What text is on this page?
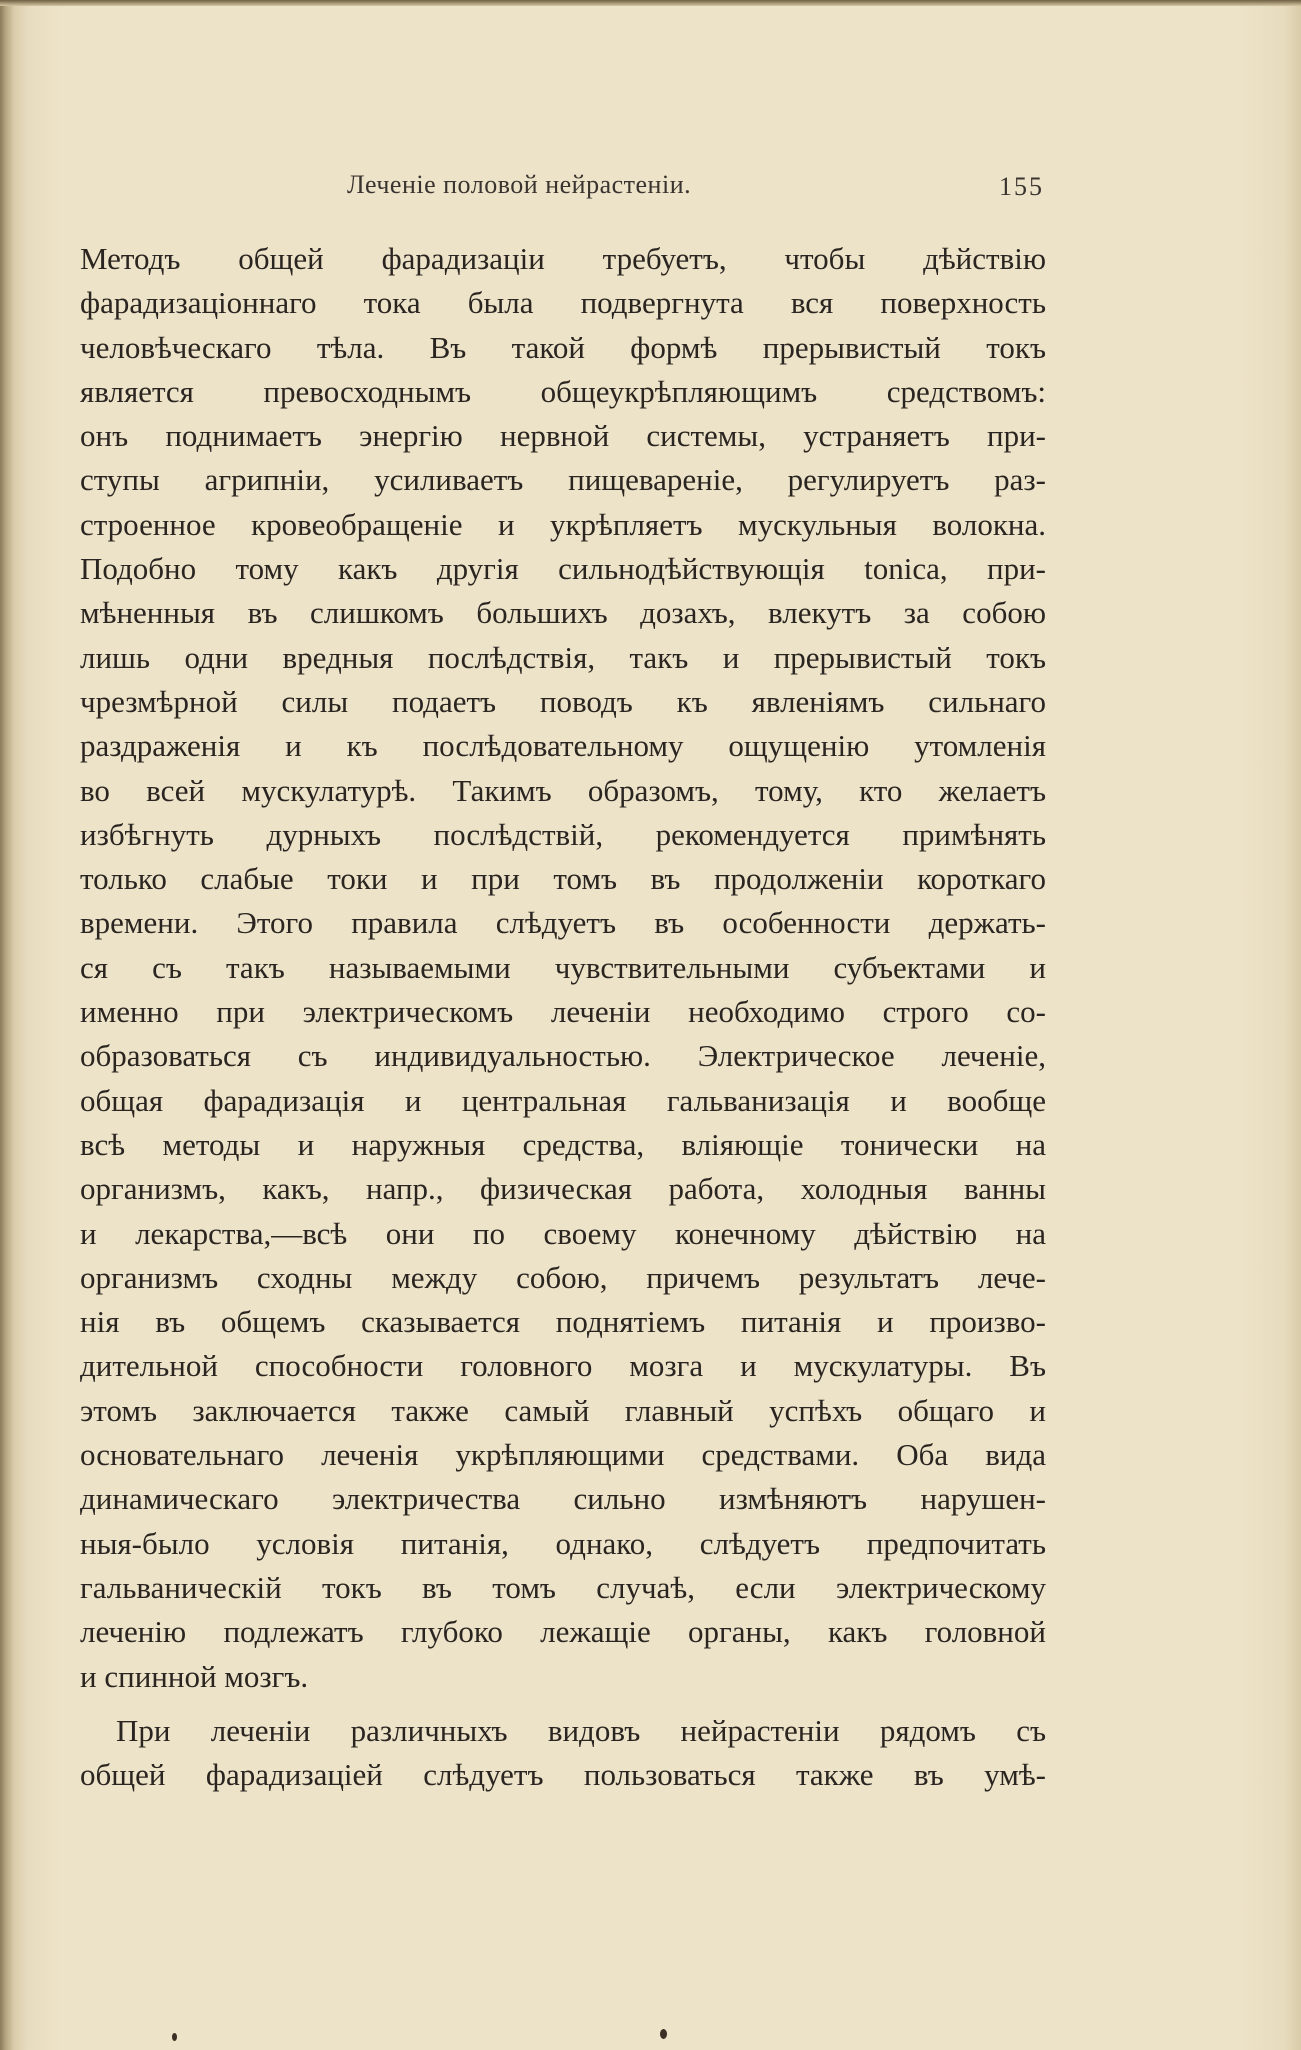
Леченіе половой нейрастеніи.	155
Методъ общей фарадизаціи требуетъ, чтобы дѣйствію
фарадизаціоннаго тока была подвергнута вся поверхность
человѣческаго тѣла. Въ такой формѣ прерывистый токъ
является превосходнымъ общеукрѣпляющимъ средствомъ:
онъ поднимаетъ энергію нервной системы, устраняетъ при-
ступы агрипніи, усиливаетъ пищевареніе, регулируетъ раз-
строенное кровеобращеніе и укрѣпляетъ мускульныя волокна.
Подобно тому какъ другія сильнодѣйствующія tonica, при-
мѣненныя въ слишкомъ большихъ дозахъ, влекутъ за собою
лишь одни вредныя послѣдствія, такъ и прерывистый токъ
чрезмѣрной силы подаетъ поводъ къ явленіямъ сильнаго
раздраженія и къ послѣдовательному ощущенію утомленія
во всей мускулатурѣ. Такимъ образомъ, тому, кто желаетъ
избѣгнуть дурныхъ послѣдствій, рекомендуется примѣнять
только слабые токи и при томъ въ продолженіи короткаго
времени. Этого правила слѣдуетъ въ особенности держать-
ся съ такъ называемыми чувствительными субъектами и
именно при электрическомъ леченіи необходимо строго со-
образоваться съ индивидуальностью. Электрическое леченіе,
общая фарадизація и центральная гальванизація и вообще
всѣ методы и наружныя средства, вліяющіе тонически на
организмъ, какъ, напр., физическая работа, холодныя ванны
и лекарства,—всѣ они по своему конечному дѣйствію на
организмъ сходны между собою, причемъ результатъ лече-
нія въ общемъ сказывается поднятіемъ питанія и произво-
дительной способности головного мозга и мускулатуры. Въ
этомъ заключается также самый главный успѣхъ общаго и
основательнаго леченія укрѣпляющими средствами. Оба вида
динамическаго электричества сильно измѣняютъ нарушен-
ныя-было условія питанія, однако, слѣдуетъ предпочитать
гальваническій токъ въ томъ случаѣ, если электрическому
леченію подлежатъ глубоко лежащіе органы, какъ головной
и спинной мозгъ.
При леченіи различныхъ видовъ нейрастеніи рядомъ съ
общей фарадизаціей слѣдуетъ пользоваться также въ умѣ-
